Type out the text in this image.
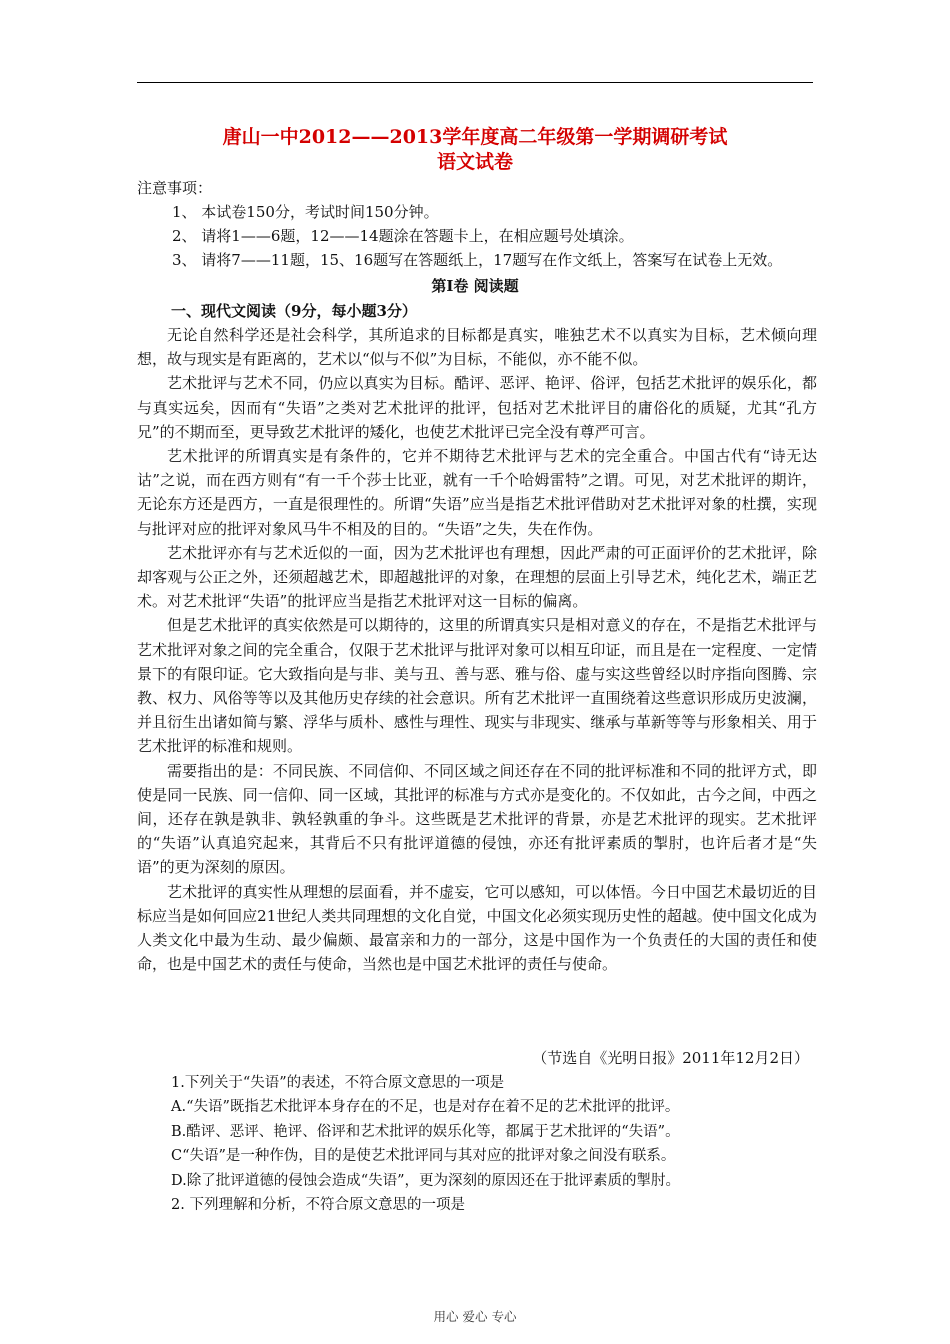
唐山一中2012——2013学年度高二年级第一学期调研考试
语文试卷

注意事项：

1、 本试卷150分，考试时间150分钟。

2、 请将1——6题，12——14题涂在答题卡上，在相应题号处填涂。

3、 请将7——11题，15、16题写在答题纸上，17题写在作文纸上，答案写在试卷上无效。

第Ⅰ卷 阅读题
一、现代文阅读（9分，每小题3分）

无论自然科学还是社会科学，其所追求的目标都是真实，唯独艺术不以真实为目标，艺术倾向理想，故与现实是有距离的，艺术以“似与不似”为目标，不能似，亦不能不似。

艺术批评与艺术不同，仍应以真实为目标。酷评、恶评、艳评、俗评，包括艺术批评的娱乐化，都与真实远矣，因而有“失语”之类对艺术批评的批评，包括对艺术批评目的庸俗化的质疑，尤其“孔方兄”的不期而至，更导致艺术批评的矮化，也使艺术批评已完全没有尊严可言。

艺术批评的所谓真实是有条件的，它并不期待艺术批评与艺术的完全重合。中国古代有“诗无达诂”之说，而在西方则有“有一千个莎士比亚，就有一千个哈姆雷特”之谓。可见，对艺术批评的期许，无论东方还是西方，一直是很理性的。所谓“失语”应当是指艺术批评借助对艺术批评对象的杜撰，实现与批评对应的批评对象风马牛不相及的目的。“失语”之失，失在作伪。

艺术批评亦有与艺术近似的一面，因为艺术批评也有理想，因此严肃的可正面评价的艺术批评，除却客观与公正之外，还须超越艺术，即超越批评的对象，在理想的层面上引导艺术，纯化艺术，端正艺术。对艺术批评“失语”的批评应当是指艺术批评对这一目标的偏离。

但是艺术批评的真实依然是可以期待的，这里的所谓真实只是相对意义的存在，不是指艺术批评与艺术批评对象之间的完全重合，仅限于艺术批评与批评对象可以相互印证，而且是在一定程度、一定情景下的有限印证。它大致指向是与非、美与丑、善与恶、雅与俗、虚与实这些曾经以时序指向图腾、宗教、权力、风俗等等以及其他历史存续的社会意识。所有艺术批评一直围绕着这些意识形成历史波澜，并且衍生出诸如简与繁、浮华与质朴、感性与理性、现实与非现实、继承与革新等等与形象相关、用于艺术批评的标准和规则。

需要指出的是：不同民族、不同信仰、不同区域之间还存在不同的批评标准和不同的批评方式，即使是同一民族、同一信仰、同一区域，其批评的标准与方式亦是变化的。不仅如此，古今之间，中西之间，还存在孰是孰非、孰轻孰重的争斗。这些既是艺术批评的背景，亦是艺术批评的现实。艺术批评的“失语”认真追究起来，其背后不只有批评道德的侵蚀，亦还有批评素质的掣肘，也许后者才是“失语”的更为深刻的原因。

艺术批评的真实性从理想的层面看，并不虚妄，它可以感知，可以体悟。今日中国艺术最切近的目标应当是如何回应21世纪人类共同理想的文化自觉，中国文化必须实现历史性的超越。使中国文化成为人类文化中最为生动、最少偏颇、最富亲和力的一部分，这是中国作为一个负责任的大国的责任和使命，也是中国艺术的责任与使命，当然也是中国艺术批评的责任与使命。

（节选自《光明日报》2011年12月2日）

1.下列关于“失语”的表述，不符合原文意思的一项是

A.“失语”既指艺术批评本身存在的不足，也是对存在着不足的艺术批评的批评。

B.酷评、恶评、艳评、俗评和艺术批评的娱乐化等，都属于艺术批评的“失语”。

C“失语”是一种作伪，目的是使艺术批评同与其对应的批评对象之间没有联系。

D.除了批评道德的侵蚀会造成“失语”，更为深刻的原因还在于批评素质的掣肘。

2. 下列理解和分析，不符合原文意思的一项是

用心 爱心 专心
